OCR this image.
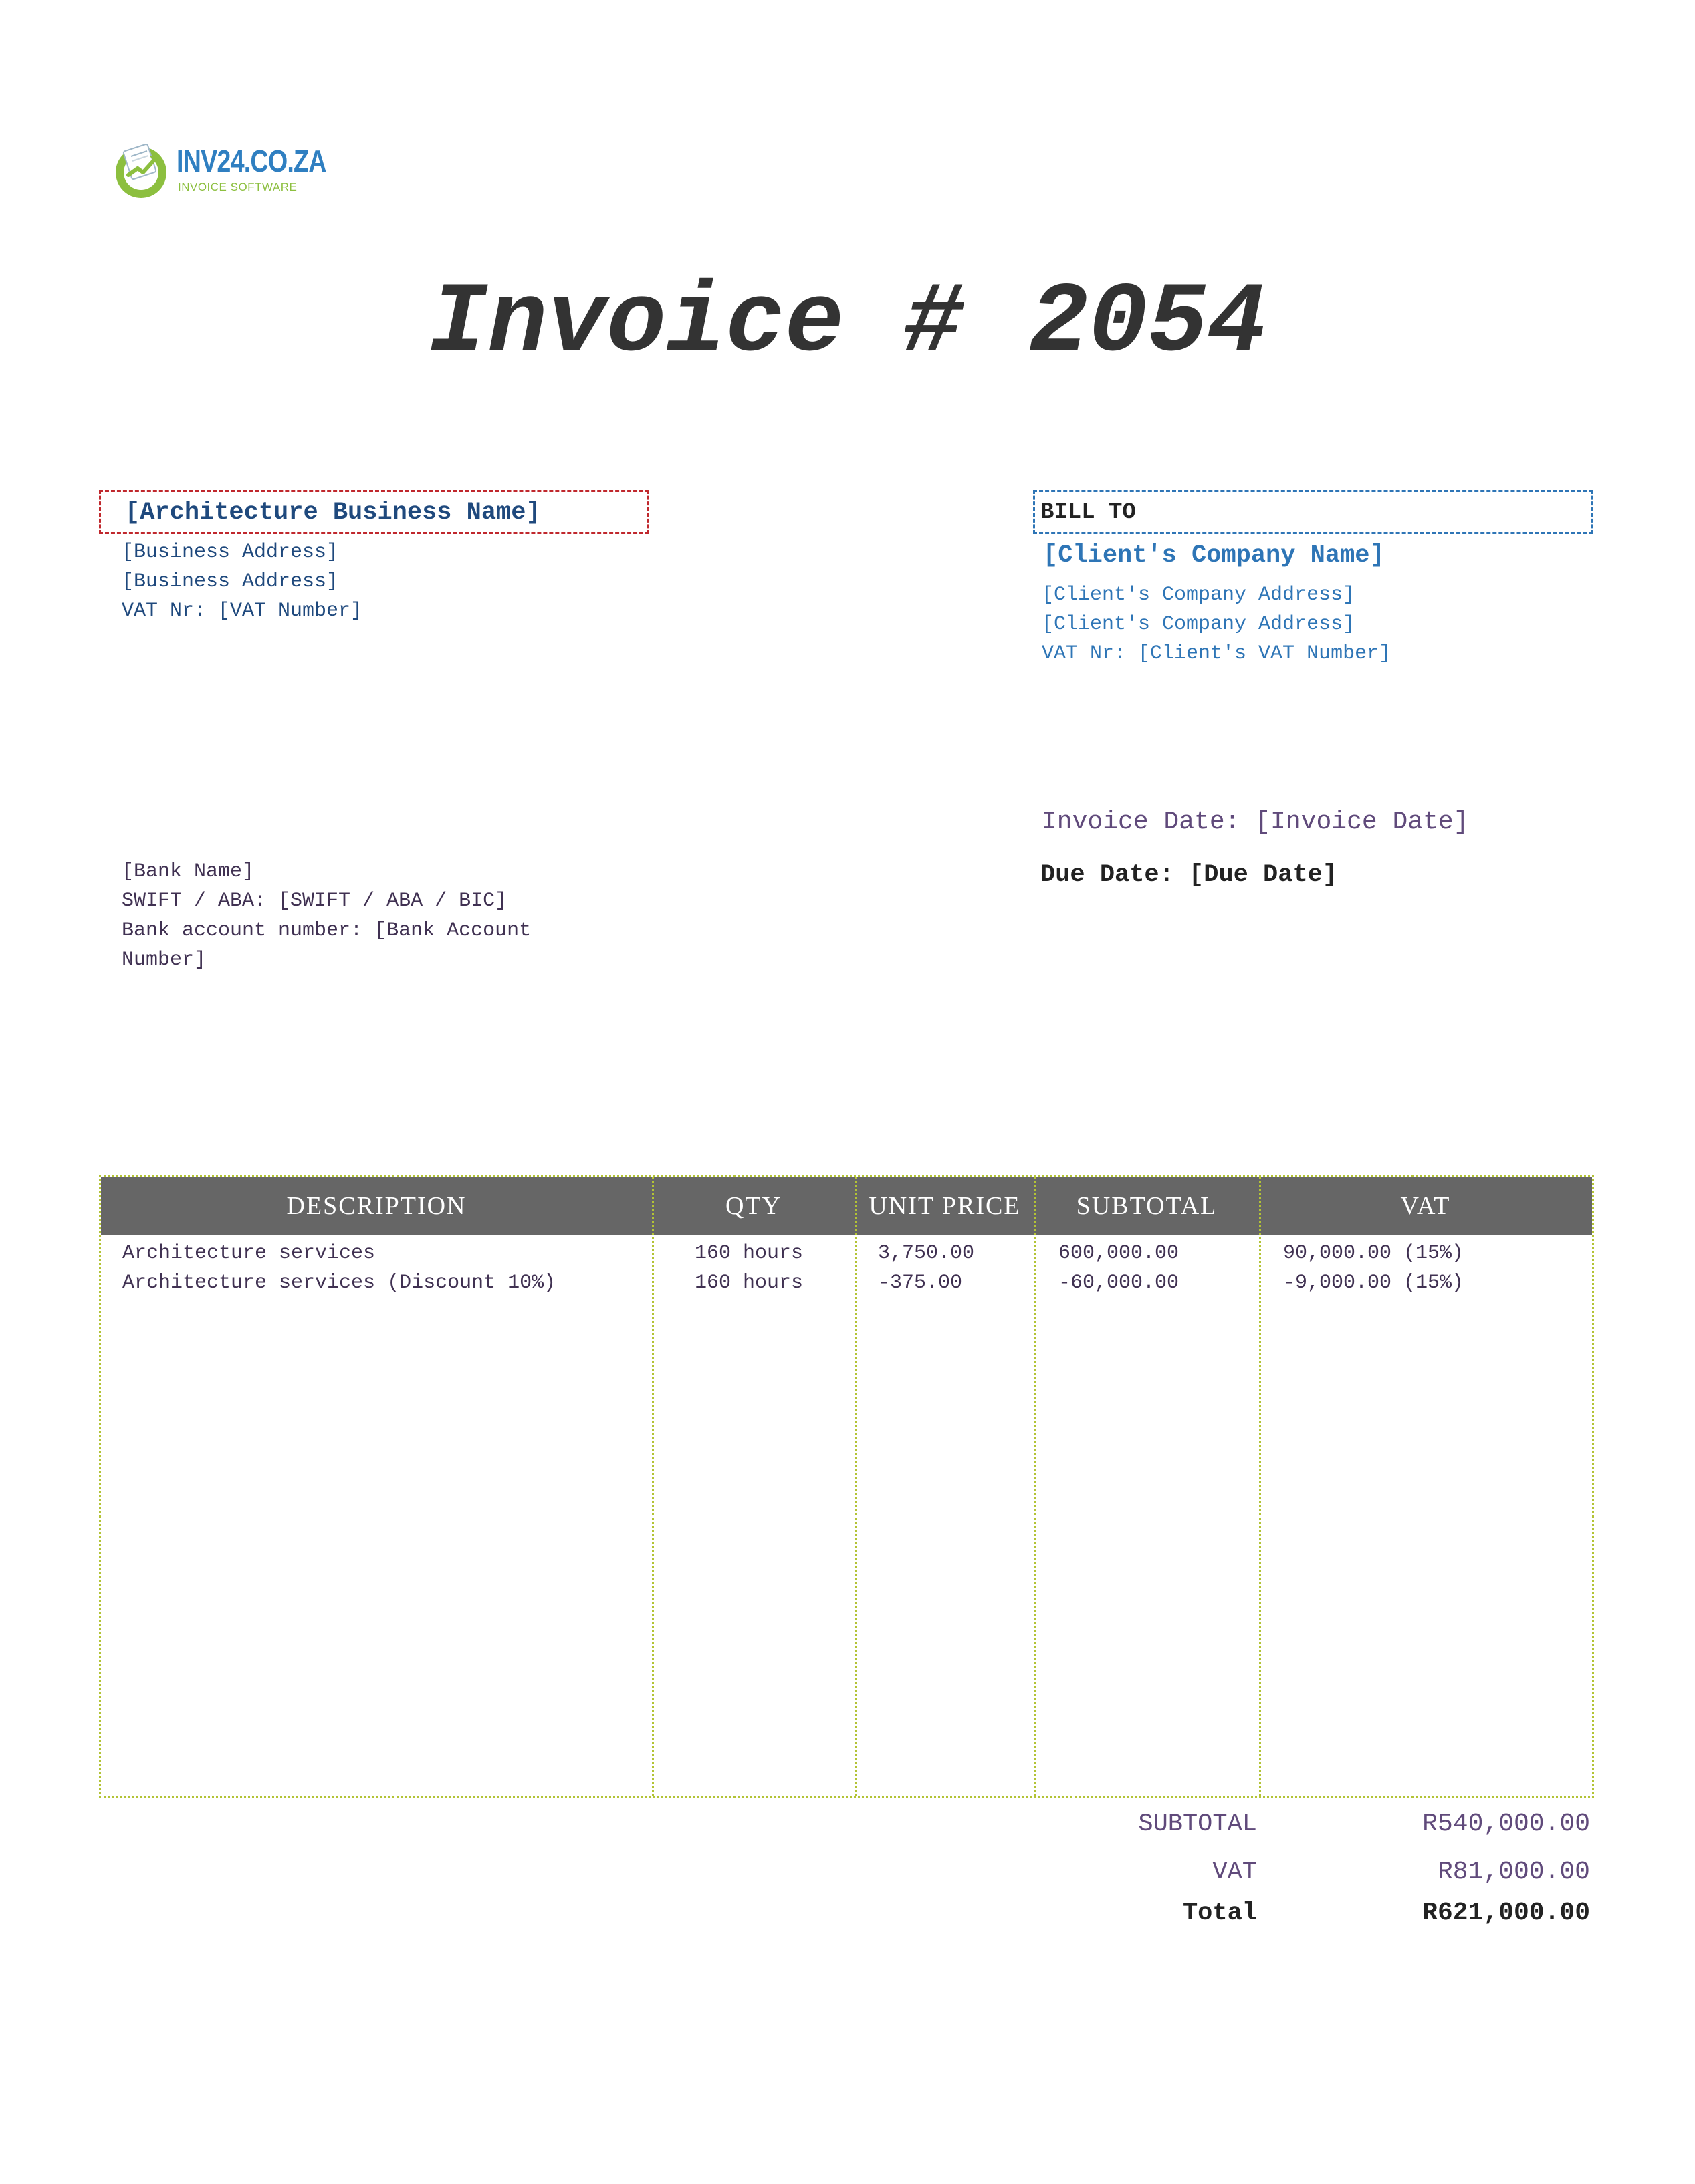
INV24.CO.ZA
INVOICE SOFTWARE
Invoice # 2054
[Architecture Business Name]
[Business Address]
[Business Address]
VAT Nr: [VAT Number]
BILL TO
[Client's Company Name]
[Client's Company Address]
[Client's Company Address]
VAT Nr: [Client's VAT Number]
Invoice Date: [Invoice Date]
Due Date: [Due Date]
[Bank Name]
SWIFT / ABA: [SWIFT / ABA / BIC]
Bank account number: [Bank Account Number]
DESCRIPTION	QTY	UNIT PRICE	SUBTOTAL	VAT
Architecture services	160 hours	3,750.00	600,000.00	90,000.00 (15%)
Architecture services (Discount 10%)	160 hours	-375.00	-60,000.00	-9,000.00 (15%)
SUBTOTAL	R540,000.00
VAT	R81,000.00
Total	R621,000.00
